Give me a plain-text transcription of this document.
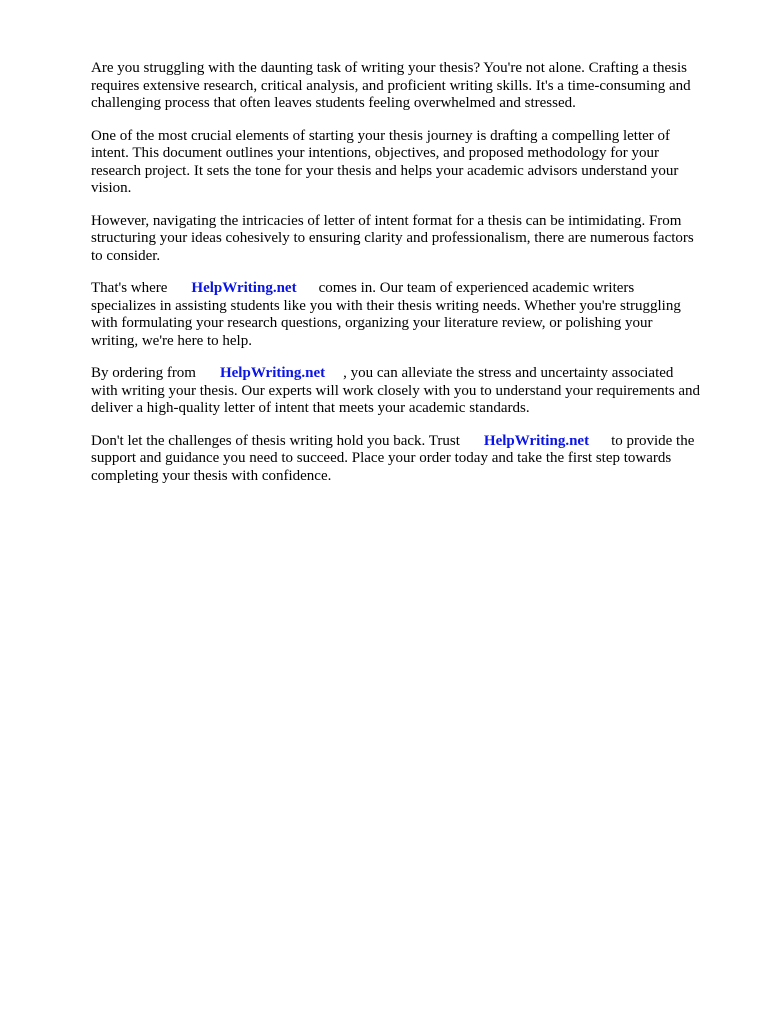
Are you struggling with the daunting task of writing your thesis? You're not alone. Crafting a thesis
requires extensive research, critical analysis, and proficient writing skills. It's a time-consuming and
challenging process that often leaves students feeling overwhelmed and stressed.

One of the most crucial elements of starting your thesis journey is drafting a compelling letter of
intent. This document outlines your intentions, objectives, and proposed methodology for your
research project. It sets the tone for your thesis and helps your academic advisors understand your
vision.

However, navigating the intricacies of letter of intent format for a thesis can be intimidating. From
structuring your ideas cohesively to ensuring clarity and professionalism, there are numerous factors
to consider.

That's where HelpWriting.net comes in. Our team of experienced academic writers
specializes in assisting students like you with their thesis writing needs. Whether you're struggling
with formulating your research questions, organizing your literature review, or polishing your
writing, we're here to help.

By ordering from HelpWriting.net , you can alleviate the stress and uncertainty associated
with writing your thesis. Our experts will work closely with you to understand your requirements and
deliver a high-quality letter of intent that meets your academic standards.

Don't let the challenges of thesis writing hold you back. Trust HelpWriting.net to provide the
support and guidance you need to succeed. Place your order today and take the first step towards
completing your thesis with confidence.
